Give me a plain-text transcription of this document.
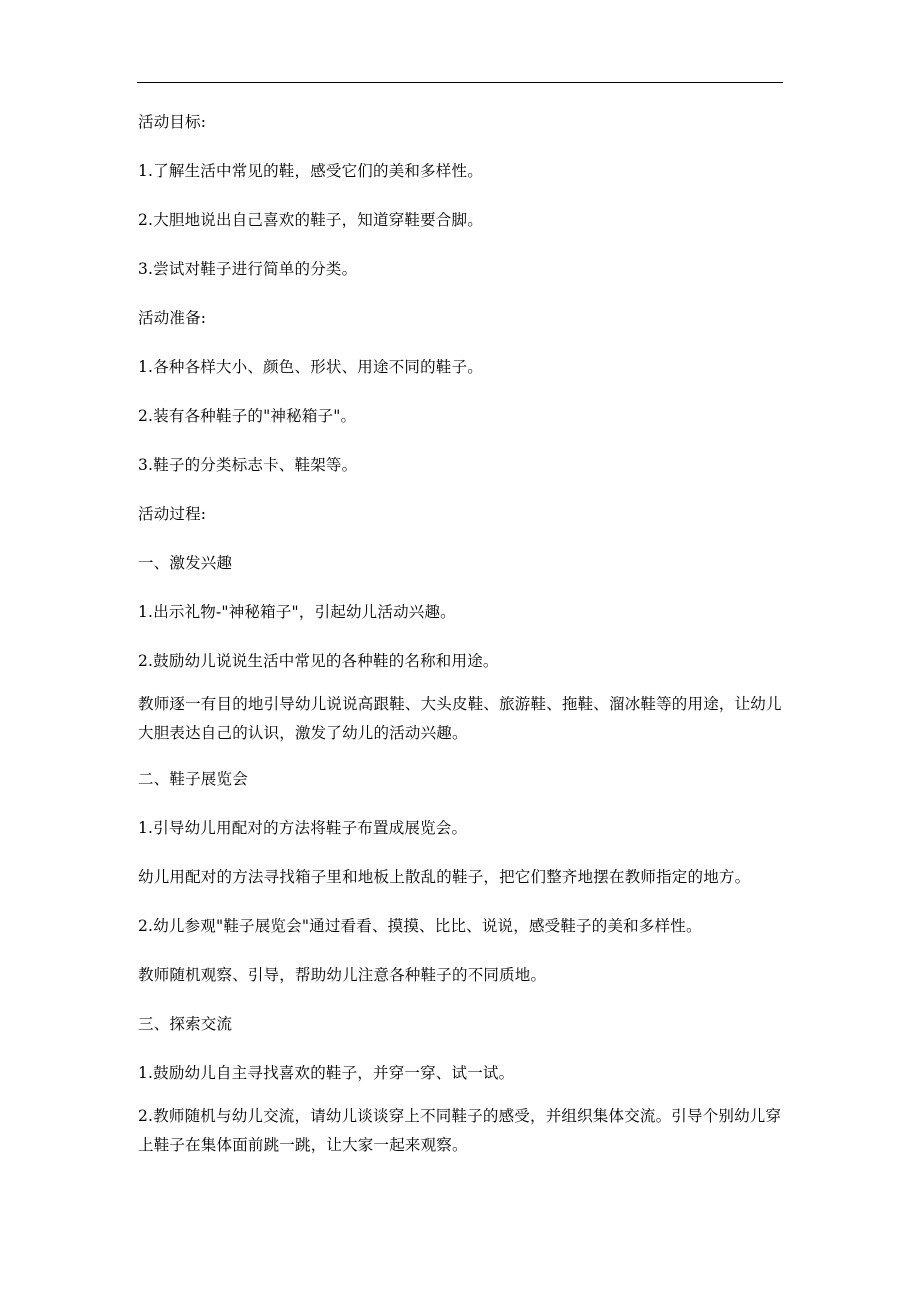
活动目标:

1.了解生活中常见的鞋，感受它们的美和多样性。

2.大胆地说出自己喜欢的鞋子，知道穿鞋要合脚。

3.尝试对鞋子进行简单的分类。

活动准备:

1.各种各样大小、颜色、形状、用途不同的鞋子。

2.装有各种鞋子的"神秘箱子"。

3.鞋子的分类标志卡、鞋架等。

活动过程:

一、激发兴趣

1.出示礼物-"神秘箱子"，引起幼儿活动兴趣。

2.鼓励幼儿说说生活中常见的各种鞋的名称和用途。

教师逐一有目的地引导幼儿说说高跟鞋、大头皮鞋、旅游鞋、拖鞋、溜冰鞋等的用途，让幼儿大胆表达自己的认识，激发了幼儿的活动兴趣。

二、鞋子展览会

1.引导幼儿用配对的方法将鞋子布置成展览会。

幼儿用配对的方法寻找箱子里和地板上散乱的鞋子，把它们整齐地摆在教师指定的地方。

2.幼儿参观"鞋子展览会"通过看看、摸摸、比比、说说，感受鞋子的美和多样性。

教师随机观察、引导，帮助幼儿注意各种鞋子的不同质地。

三、探索交流

1.鼓励幼儿自主寻找喜欢的鞋子，并穿一穿、试一试。

2.教师随机与幼儿交流，请幼儿谈谈穿上不同鞋子的感受，并组织集体交流。引导个别幼儿穿上鞋子在集体面前跳一跳，让大家一起来观察。
